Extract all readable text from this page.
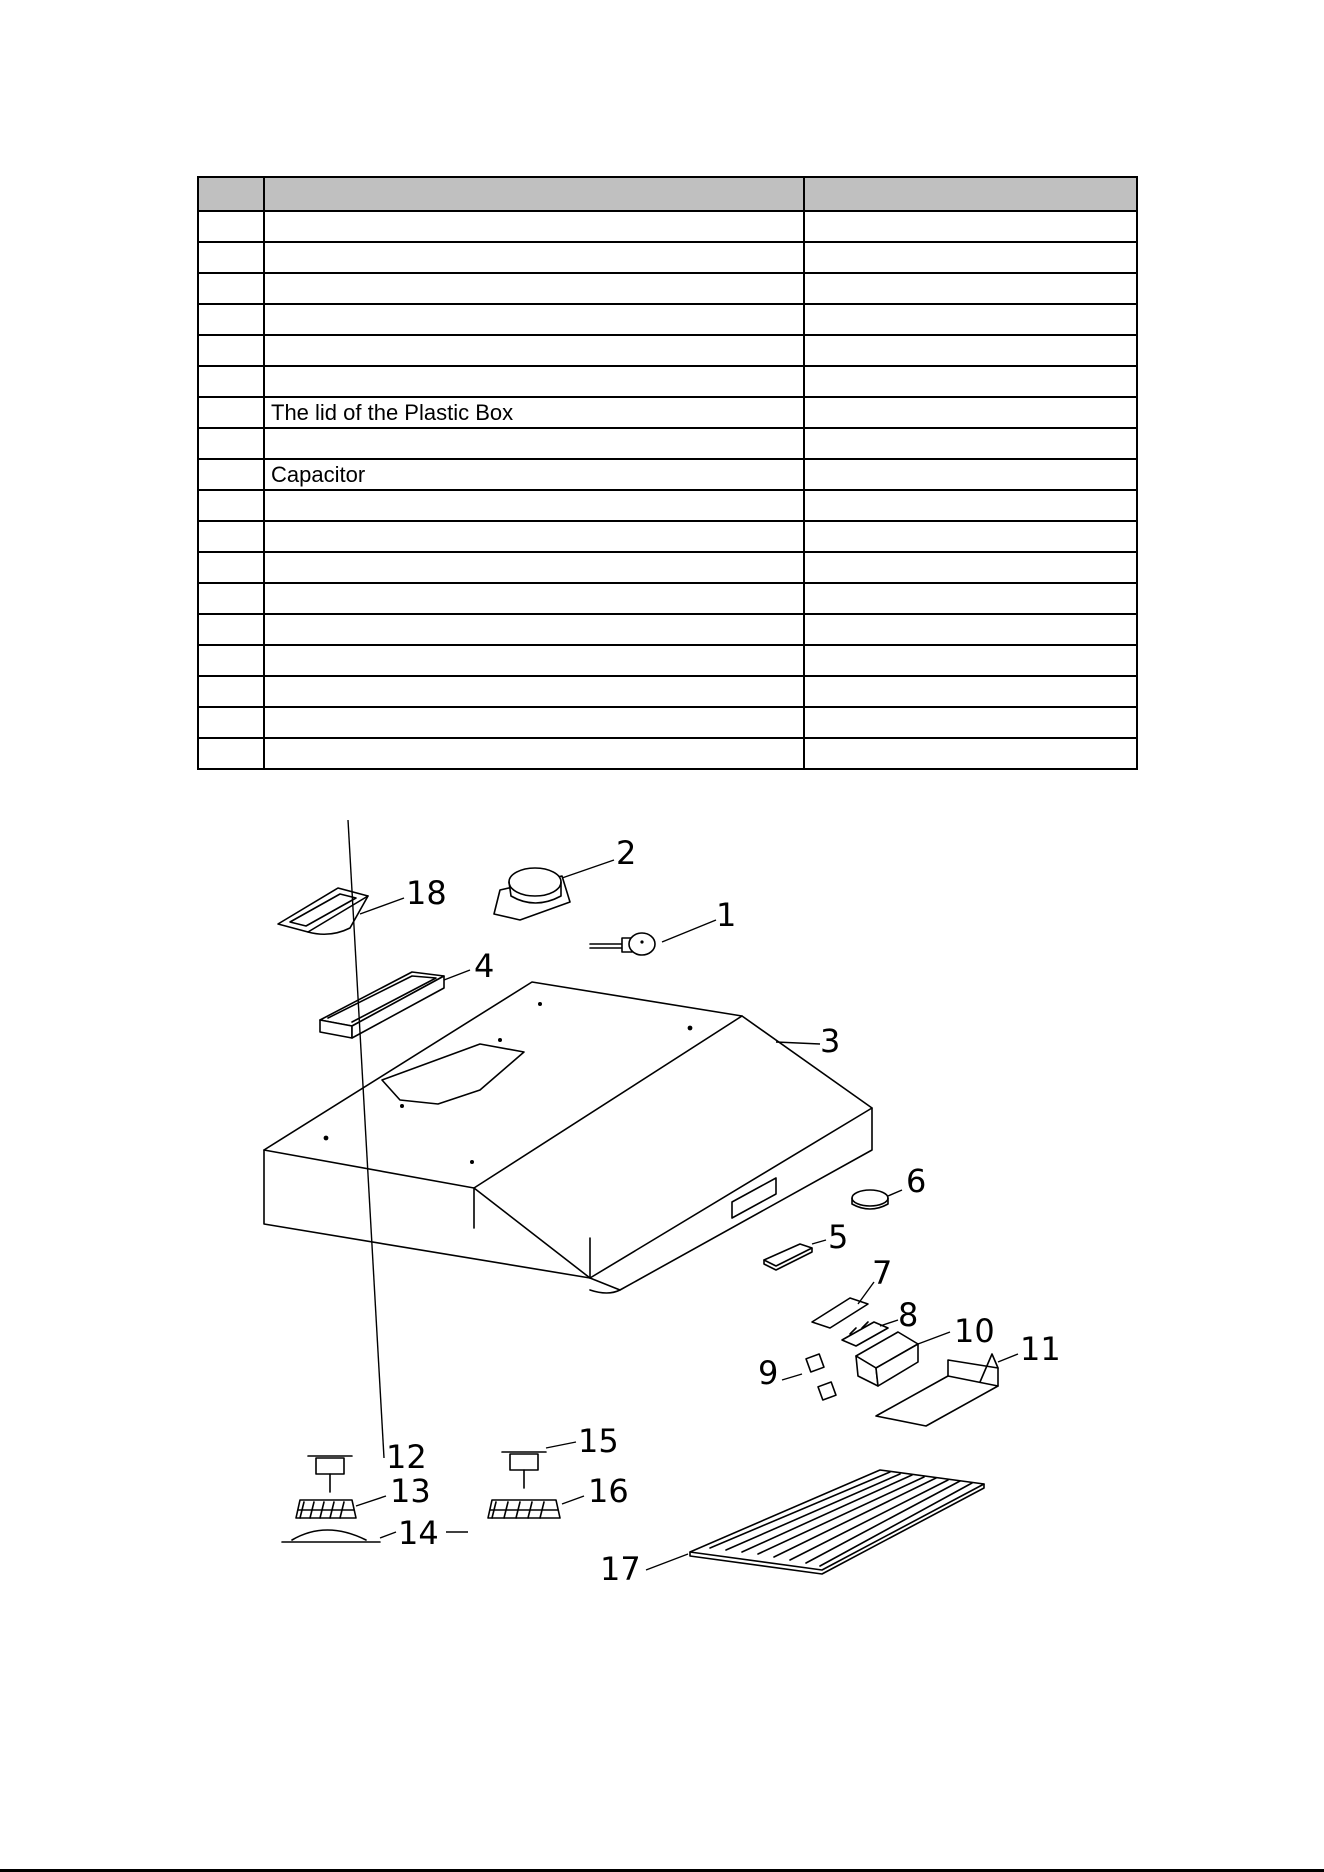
	The lid of the Plastic Box	

	Capacitor	

2
18
1
4
3
6
5
7
8 10 11
9
15
12
13	16
14
17
